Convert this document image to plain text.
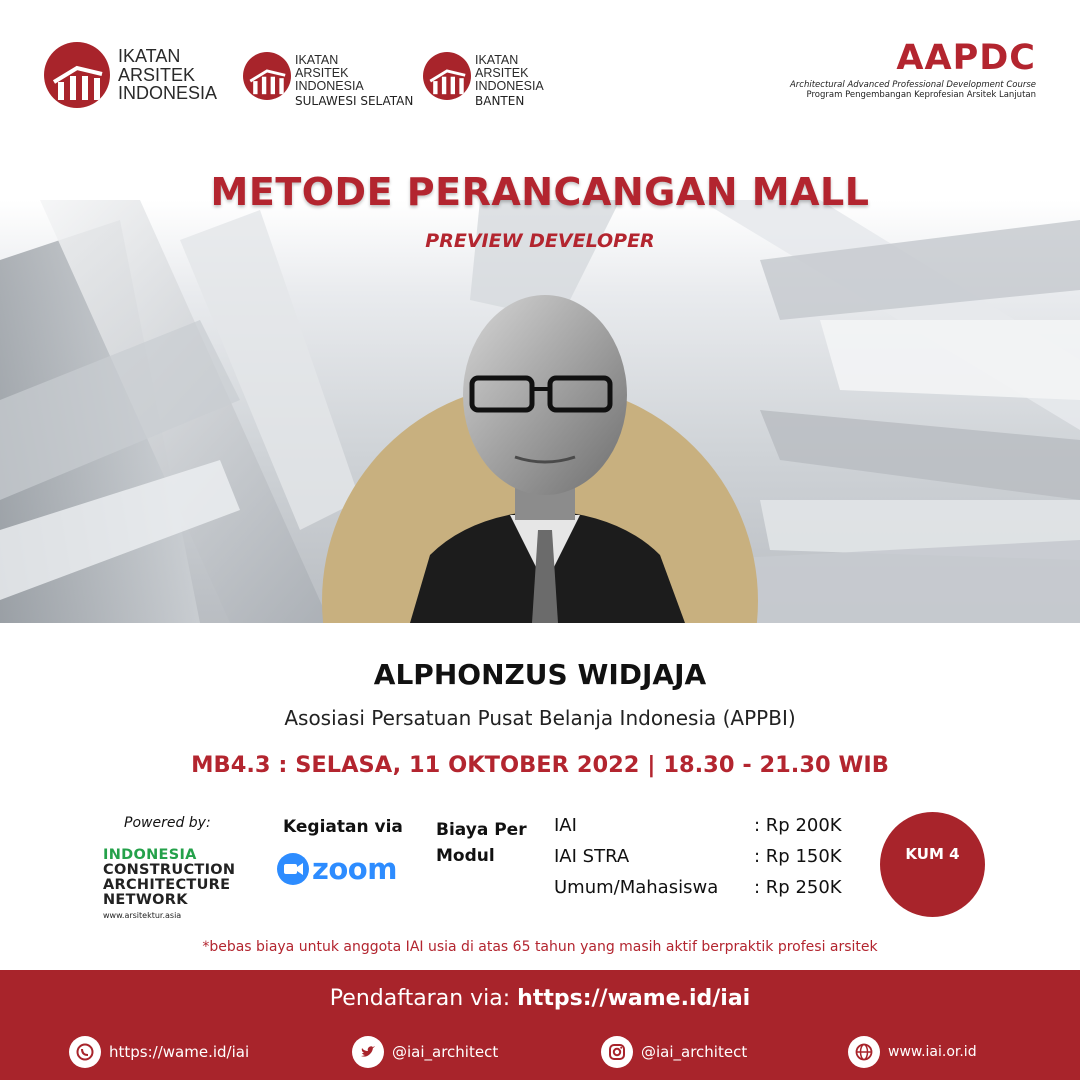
IKATAN
ARSITEK
INDONESIA
IKATAN
ARSITEK
INDONESIA
SULAWESI SELATAN
IKATAN
ARSITEK
INDONESIA
BANTEN
AAPDC
Architectural Advanced Professional Development Course
Program Pengembangan Keprofesian Arsitek Lanjutan
METODE PERANCANGAN MALL
PREVIEW DEVELOPER
ALPHONZUS WIDJAJA
Asosiasi Persatuan Pusat Belanja Indonesia (APPBI)
MB4.3 : SELASA, 11 OKTOBER 2022 | 18.30 - 21.30 WIB
Powered by:
INDONESIA
CONSTRUCTION
ARCHITECTURE
NETWORK
www.arsitektur.asia
Kegiatan via
zoom
Biaya Per
Modul
IAI	: Rp 200K
IAI STRA	: Rp 150K
Umum/Mahasiswa	: Rp 250K
KUM 4
*bebas biaya untuk anggota IAI usia di atas 65 tahun yang masih aktif berpraktik profesi arsitek
Pendaftaran via: https://wame.id/iai
https://wame.id/iai	@iai_architect	@iai_architect	www.iai.or.id
